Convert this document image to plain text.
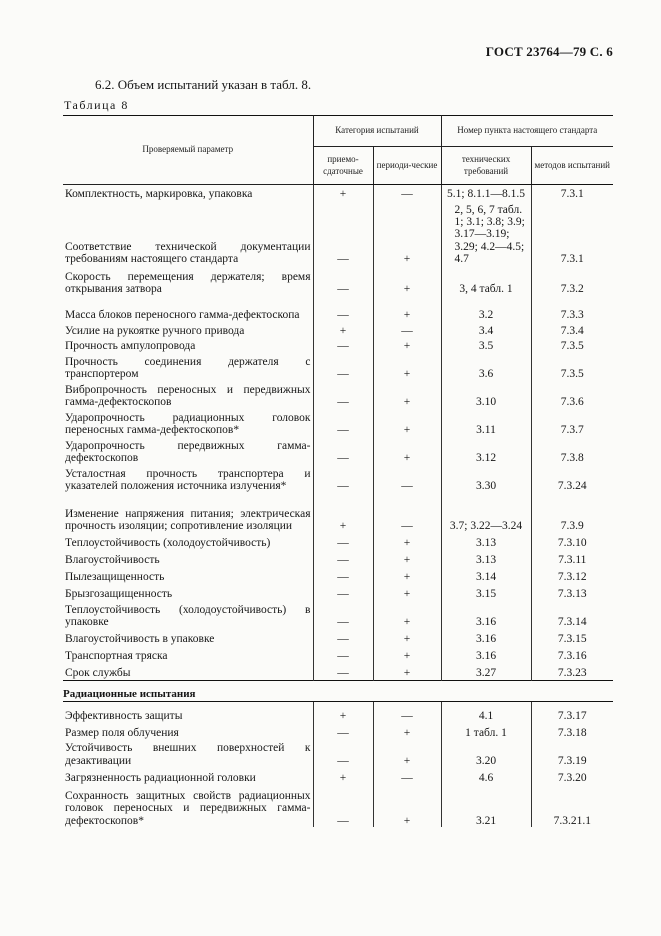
ГОСТ 23764—79 С. 6
6.2. Объем испытаний указан в табл. 8.
Таблица 8
Проверяемый параметр	Категория испытаний		Номер пункта настоящего стандарта	
	приемо-сдаточные	периоди-ческие	технических требований	методов испытаний
Комплектность, маркировка, упаковка	+	—	5.1; 8.1.1—8.1.5	7.3.1
Соответствие технической документации требованиям настоящего стандарта	—	+	2, 5, 6, 7 табл. 1; 3.1; 3.8; 3.9; 3.17—3.19; 3.29; 4.2—4.5; 4.7	7.3.1
Скорость перемещения держателя; время открывания затвора	—	+	3, 4 табл. 1	7.3.2
Масса блоков переносного гамма-дефектоскопа	—	+	3.2	7.3.3
Усилие на рукоятке ручного привода	+	—	3.4	7.3.4
Прочность ампулопровода	—	+	3.5	7.3.5
Прочность соединения держателя с транспортером	—	+	3.6	7.3.5
Вибропрочность переносных и передвижных гамма-дефектоскопов	—	+	3.10	7.3.6
Ударопрочность радиационных головок переносных гамма-дефектоскопов*	—	+	3.11	7.3.7
Ударопрочность передвижных гамма-дефектоскопов	—	+	3.12	7.3.8
Усталостная прочность транспортера и указателей положения источника излучения*	—	—	3.30	7.3.24
Изменение напряжения питания; электрическая прочность изоляции; сопротивление изоляции	+	—	3.7; 3.22—3.24	7.3.9
Теплоустойчивость (холодоустойчивость)	—	+	3.13	7.3.10
Влагоустойчивость	—	+	3.13	7.3.11
Пылезащищенность	—	+	3.14	7.3.12
Брызгозащищенность	—	+	3.15	7.3.13
Теплоустойчивость (холодоустойчивость) в упаковке	—	+	3.16	7.3.14
Влагоустойчивость в упаковке	—	+	3.16	7.3.15
Транспортная тряска	—	+	3.16	7.3.16
Срок службы	—	+	3.27	7.3.23
Радиационные испытания				
Эффективность защиты	+	—	4.1	7.3.17
Размер поля облучения	—	+	1 табл. 1	7.3.18
Устойчивость внешних поверхностей к дезактивации	—	+	3.20	7.3.19
Загрязненность радиационной головки	+	—	4.6	7.3.20
Сохранность защитных свойств радиационных головок переносных и передвижных гамма-дефектоскопов*	—	+	3.21	7.3.21.1
